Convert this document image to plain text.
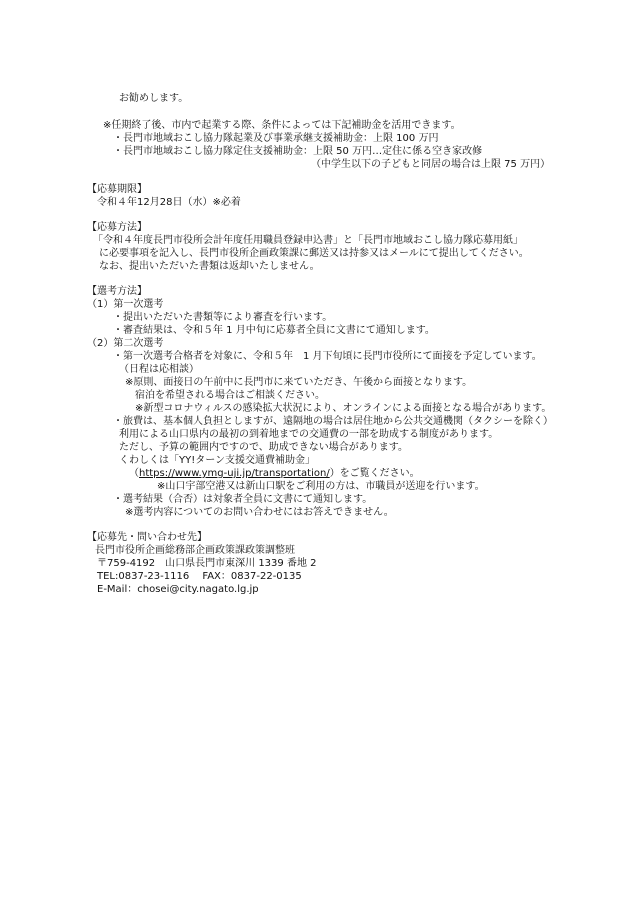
お勧めします。
※任期終了後、市内で起業する際、条件によっては下記補助金を活用できます。
・長門市地域おこし協力隊起業及び事業承継支援補助金：上限 100 万円
・長門市地域おこし協力隊定住支援補助金：上限 50 万円…定住に係る空き家改修
（中学生以下の子どもと同居の場合は上限 75 万円）
【応募期限】
令和４年12月28日（水）※必着
【応募方法】
「令和４年度長門市役所会計年度任用職員登録申込書」と「長門市地域おこし協力隊応募用紙」
に必要事項を記入し、長門市役所企画政策課に郵送又は持参又はメールにて提出してください。
なお、提出いただいた書類は返却いたしません。
【選考方法】
（1）第一次選考
・提出いただいた書類等により審査を行います。
・審査結果は、令和５年 1 月中旬に応募者全員に文書にて通知します。
（2）第二次選考
・第一次選考合格者を対象に、令和５年　1 月下旬頃に長門市役所にて面接を予定しています。
（日程は応相談）
※原則、面接日の午前中に長門市に来ていただき、午後から面接となります。
宿泊を希望される場合はご相談ください。
※新型コロナウィルスの感染拡大状況により、オンラインによる面接となる場合があります。
・旅費は、基本個人負担としますが、遠隔地の場合は居住地から公共交通機関（タクシーを除く）
利用による山口県内の最初の到着地までの交通費の一部を助成する制度があります。
ただし、予算の範囲内ですので、助成できない場合があります。
くわしくは「YY!ターン支援交通費補助金」
（https://www.ymg-uji.jp/transportation/）をご覧ください。
※山口宇部空港又は新山口駅をご利用の方は、市職員が送迎を行います。
・選考結果（合否）は対象者全員に文書にて通知します。
※選考内容についてのお問い合わせにはお答えできません。
【応募先・問い合わせ先】
長門市役所企画総務部企画政策課政策調整班
〒759-4192　山口県長門市東深川 1339 番地 2
TEL:0837-23-1116　 FAX：0837-22-0135
E-Mail：chosei@city.nagato.lg.jp
